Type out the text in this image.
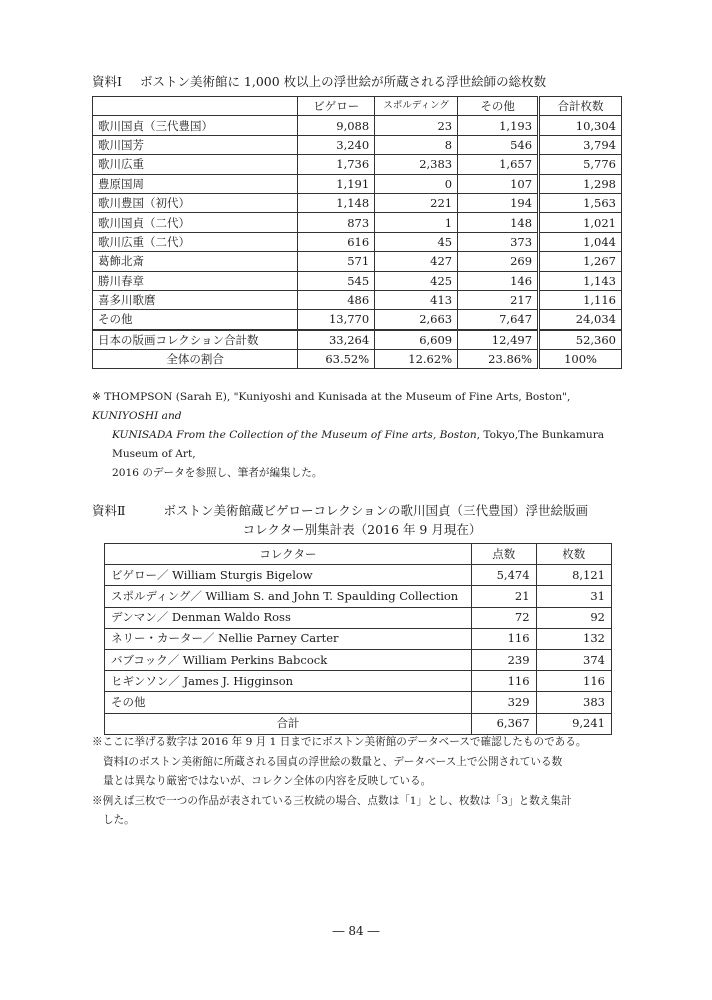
資料Ⅰ ボストン美術館に 1,000 枚以上の浮世絵が所蔵される浮世絵師の総枚数
	ビゲロー	スポルディング	その他	合計枚数
歌川国貞（三代豊国）	9,088	23	1,193	10,304
歌川国芳	3,240	8	546	3,794
歌川広重	1,736	2,383	1,657	5,776
豊原国周	1,191	0	107	1,298
歌川豊国（初代）	1,148	221	194	1,563
歌川国貞（二代）	873	1	148	1,021
歌川広重（二代）	616	45	373	1,044
葛飾北斎	571	427	269	1,267
勝川春章	545	425	146	1,143
喜多川歌麿	486	413	217	1,116
その他	13,770	2,663	7,647	24,034
日本の版画コレクション合計数	33,264	6,609	12,497	52,360
全体の割合	63.52%	12.62%	23.86%	100%
※ THOMPSON (Sarah E), "Kuniyoshi and Kunisada at the Museum of Fine Arts, Boston", KUNIYOSHI and
KUNISADA From the Collection of the Museum of Fine arts, Boston, Tokyo,The Bunkamura Museum of Art,
2016 のデータを参照し、筆者が編集した。
資料Ⅱ	ボストン美術館蔵ビゲローコレクションの歌川国貞（三代豊国）浮世絵版画
コレクター別集計表（2016 年 9 月現在）
コレクター	点数	枚数
ビゲロー／ William Sturgis Bigelow	5,474	8,121
スポルディング／ William S. and John T. Spaulding Collection	21	31
デンマン／ Denman Waldo Ross	72	92
ネリー・カーター／ Nellie Parney Carter	116	132
バブコック／ William Perkins Babcock	239	374
ヒギンソン／ James J. Higginson	116	116
その他	329	383
合計	6,367	9,241

※ここに挙げる数字は 2016 年 9 月 1 日までにボストン美術館のデータベースで確認したものである。

資料Ⅰのボストン美術館に所蔵される国貞の浮世絵の数量と、データベース上で公開されている数

量とは異なり厳密ではないが、コレクン全体の内容を反映している。

※例えば三枚で一つの作品が表されている三枚続の場合、点数は「1」とし、枚数は「3」と数え集計

した。

― 84 ―
